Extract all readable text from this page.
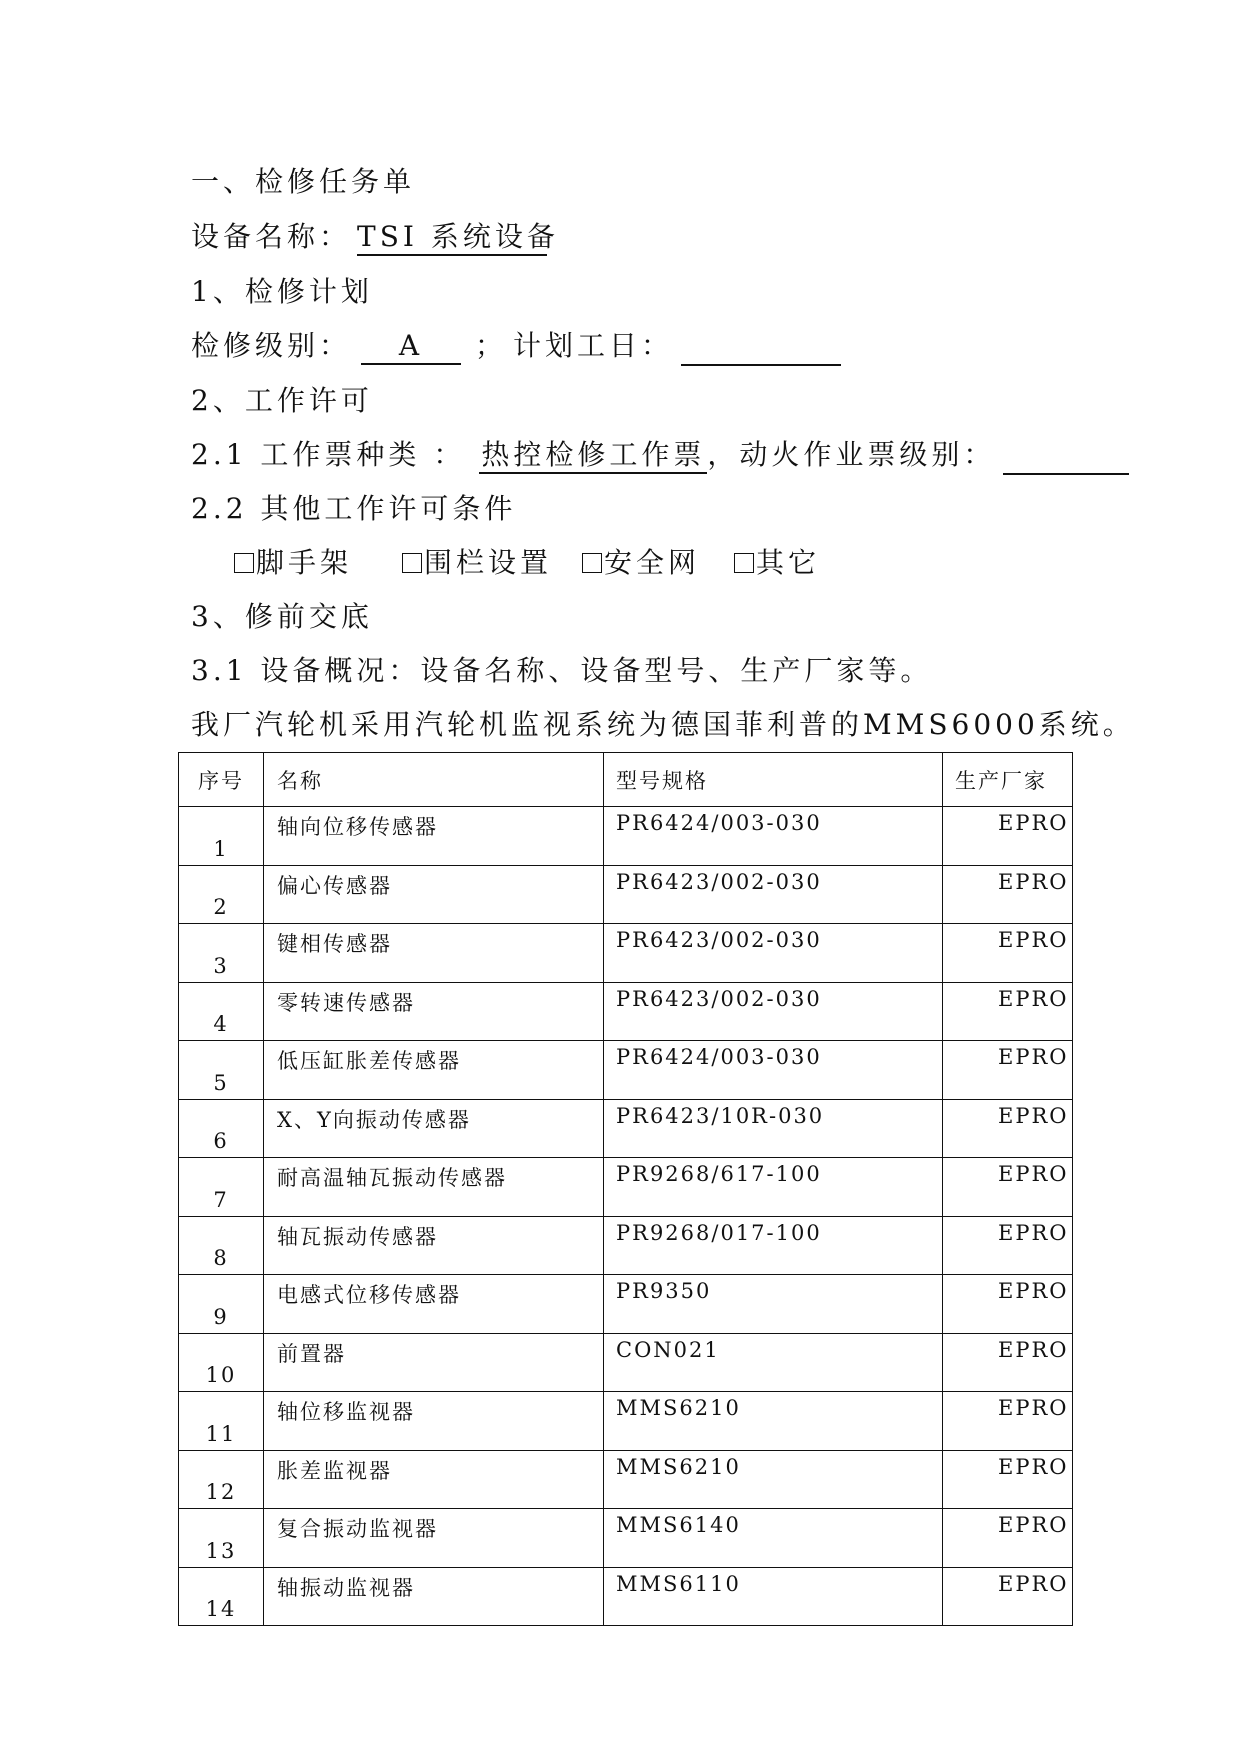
一、检修任务单
设备名称： TSI 系统设备
1、检修计划
检修级别： A ； 计划工日：
2、工作许可
2.1 工作票种类 ： 热控检修工作票，动火作业票级别：
2.2 其他工作许可条件
脚手架	围栏设置 安全网 其它
3、修前交底
3.1 设备概况：设备名称、设备型号、生产厂家等。
我厂汽轮机采用汽轮机监视系统为德国菲利普的MMS6000系统。
序号	名称	型号规格	生产厂家
1	轴向位移传感器	PR6424/003-030	EPRO
2	偏心传感器	PR6423/002-030	EPRO
3	键相传感器	PR6423/002-030	EPRO
4	零转速传感器	PR6423/002-030	EPRO
5	低压缸胀差传感器	PR6424/003-030	EPRO
6	X、Y向振动传感器	PR6423/10R-030	EPRO
7	耐高温轴瓦振动传感器	PR9268/617-100	EPRO
8	轴瓦振动传感器	PR9268/017-100	EPRO
9	电感式位移传感器	PR9350	EPRO
10	前置器	CON021	EPRO
11	轴位移监视器	MMS6210	EPRO
12	胀差监视器	MMS6210	EPRO
13	复合振动监视器	MMS6140	EPRO
14	轴振动监视器	MMS6110	EPRO
